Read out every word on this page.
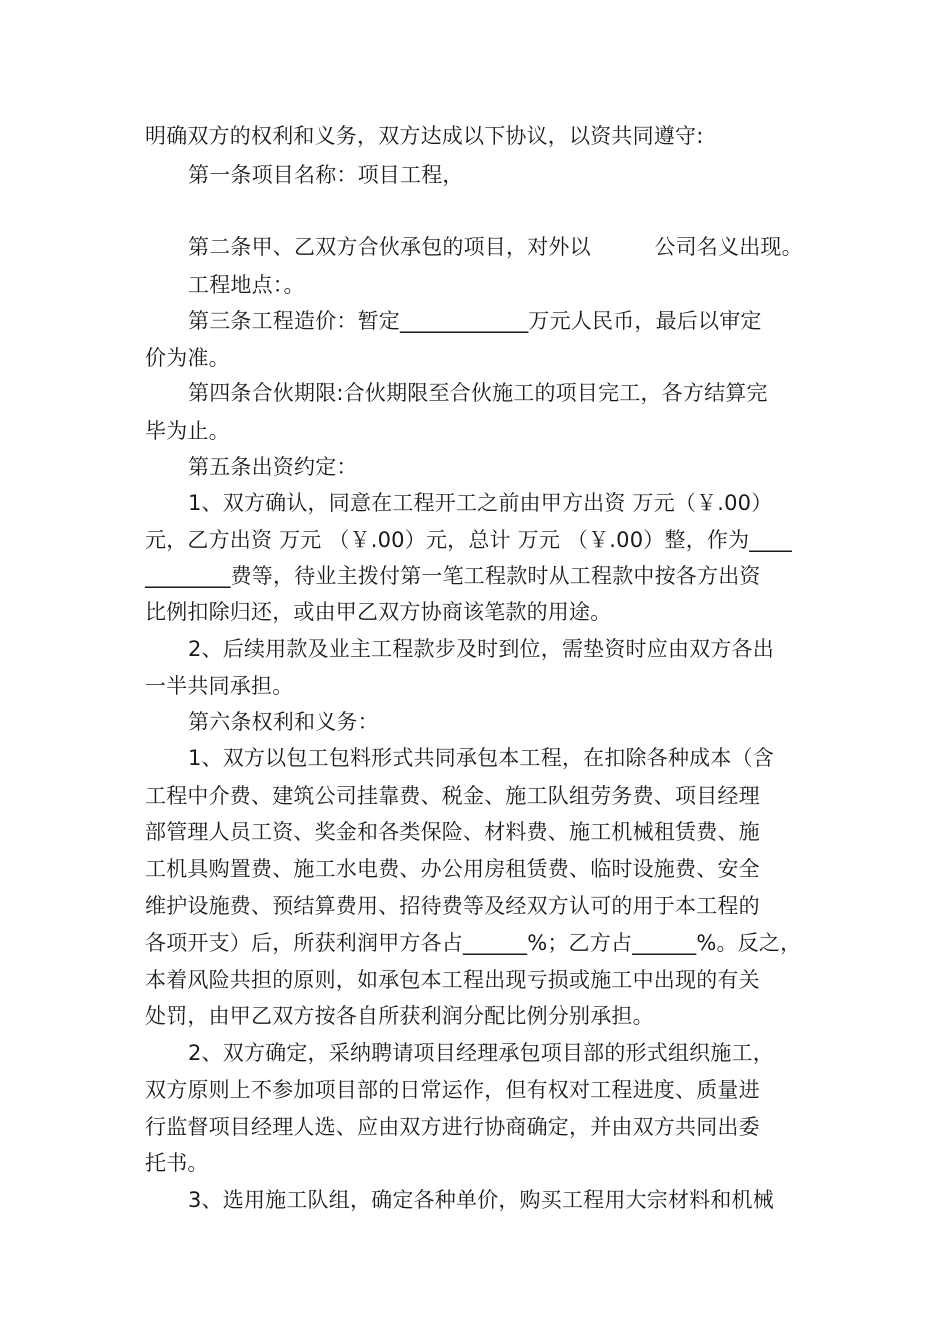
明确双方的权利和义务，双方达成以下协议，以资共同遵守:
第一条项目名称：项目工程，
第二条甲、乙双方合伙承包的项目，对外以　　　公司名义出现。
工程地点：。
第三条工程造价：暂定____________万元人民币，最后以审定
价为准。
第四条合伙期限:合伙期限至合伙施工的项目完工，各方结算完
毕为止。
第五条出资约定：
1、双方确认，同意在工程开工之前由甲方出资 万元（￥.00）
元，乙方出资 万元 （￥.00）元，总计 万元 （￥.00）整，作为____
________费等，待业主拨付第一笔工程款时从工程款中按各方出资
比例扣除归还，或由甲乙双方协商该笔款的用途。
2、后续用款及业主工程款步及时到位，需垫资时应由双方各出
一半共同承担。
第六条权利和义务：
1、双方以包工包料形式共同承包本工程，在扣除各种成本（含
工程中介费、建筑公司挂靠费、税金、施工队组劳务费、项目经理
部管理人员工资、奖金和各类保险、材料费、施工机械租赁费、施
工机具购置费、施工水电费、办公用房租赁费、临时设施费、安全
维护设施费、预结算费用、招待费等及经双方认可的用于本工程的
各项开支）后，所获利润甲方各占______%；乙方占______%。反之，
本着风险共担的原则，如承包本工程出现亏损或施工中出现的有关
处罚，由甲乙双方按各自所获利润分配比例分别承担。
2、双方确定，采纳聘请项目经理承包项目部的形式组织施工，
双方原则上不参加项目部的日常运作，但有权对工程进度、质量进
行监督项目经理人选、应由双方进行协商确定，并由双方共同出委
托书。
3、选用施工队组，确定各种单价，购买工程用大宗材料和机械
